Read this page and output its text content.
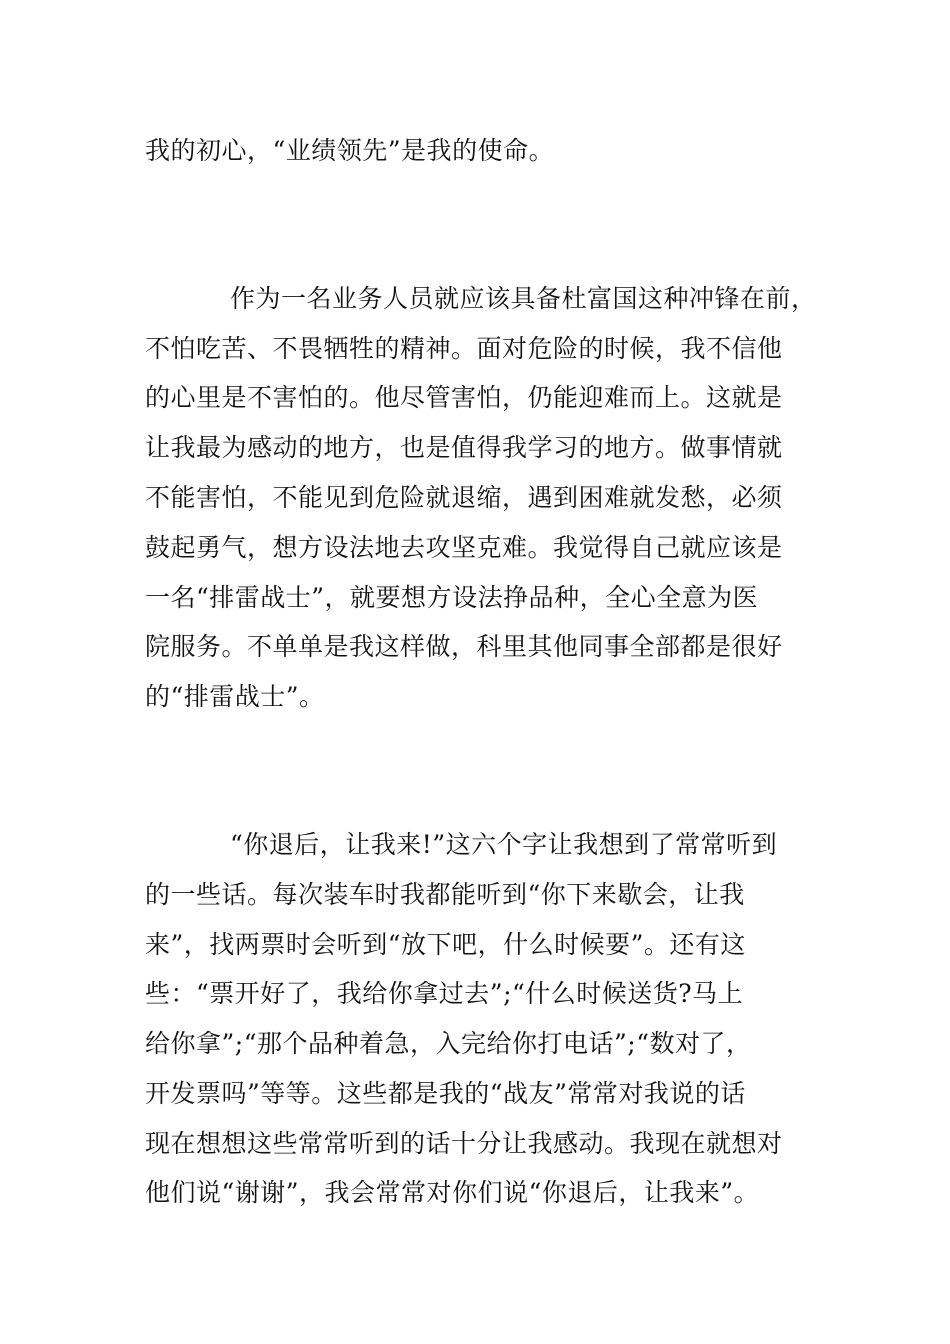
我的初心，“业绩领先”是我的使命。
作为一名业务人员就应该具备杜富国这种冲锋在前，
不怕吃苦、不畏牺牲的精神。面对危险的时候，我不信他
的心里是不害怕的。他尽管害怕，仍能迎难而上。这就是
让我最为感动的地方，也是值得我学习的地方。做事情就
不能害怕，不能见到危险就退缩，遇到困难就发愁，必须
鼓起勇气，想方设法地去攻坚克难。我觉得自己就应该是
一名“排雷战士”，就要想方设法挣品种，全心全意为医
院服务。不单单是我这样做，科里其他同事全部都是很好
的“排雷战士”。
“你退后，让我来!”这六个字让我想到了常常听到
的一些话。每次装车时我都能听到“你下来歇会，让我
来”，找两票时会听到“放下吧，什么时候要”。还有这
些：“票开好了，我给你拿过去”;“什么时候送货?马上
给你拿”;“那个品种着急，入完给你打电话”;“数对了，
开发票吗”等等。这些都是我的“战友”常常对我说的话
现在想想这些常常听到的话十分让我感动。我现在就想对
他们说“谢谢”，我会常常对你们说“你退后，让我来”。
